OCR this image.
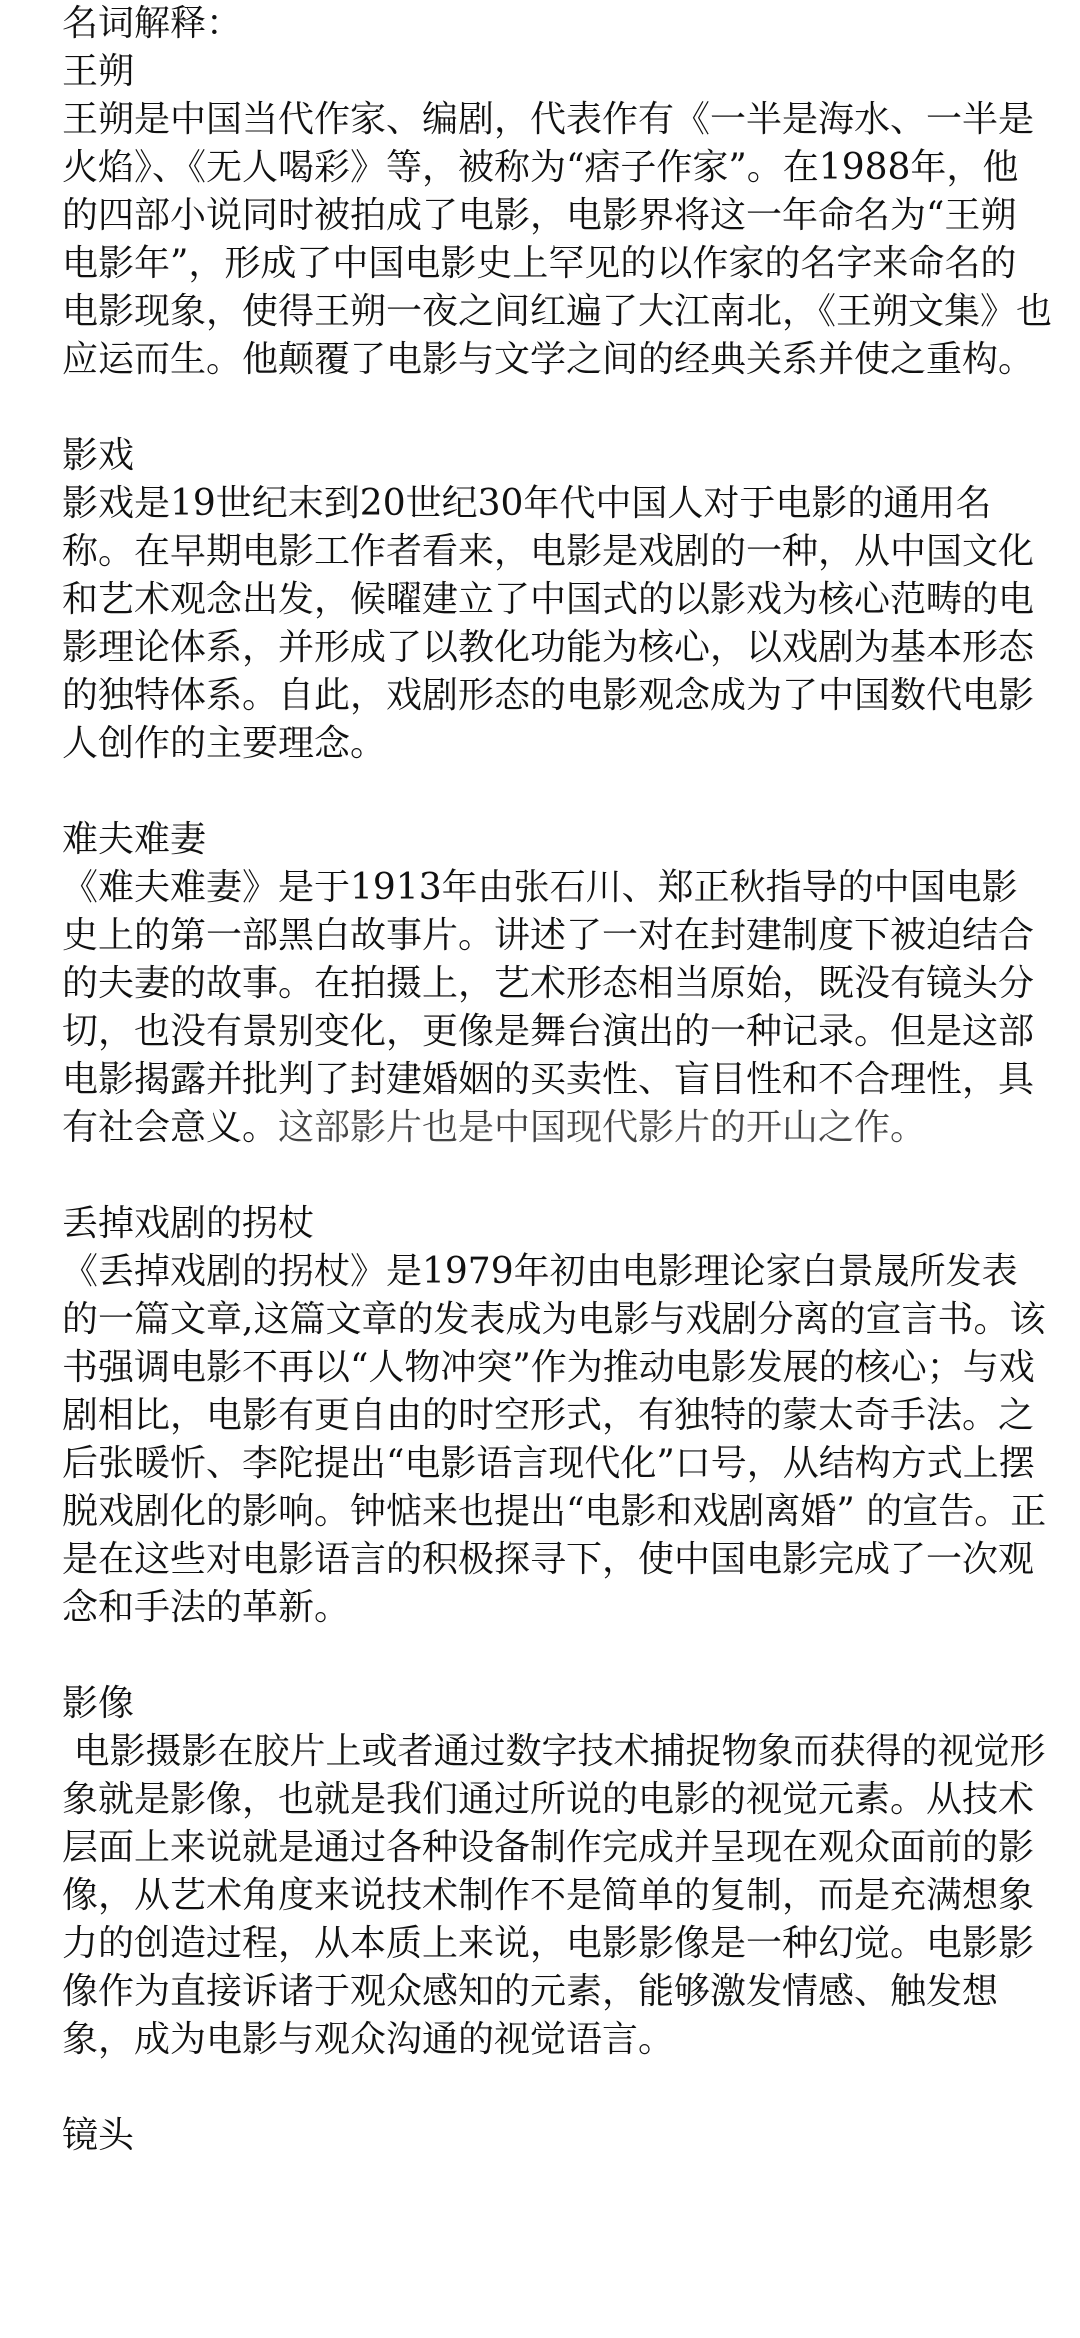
名词解释：
王朔
王朔是中国当代作家、编剧，代表作有《一半是海水、一半是火焰》、《无人喝彩》等，被称为“痞子作家”。在1988年，他的四部小说同时被拍成了电影，电影界将这一年命名为“王朔电影年”，形成了中国电影史上罕见的以作家的名字来命名的电影现象，使得王朔一夜之间红遍了大江南北，《王朔文集》也应运而生。他颠覆了电影与文学之间的经典关系并使之重构。
影戏
影戏是19世纪末到20世纪30年代中国人对于电影的通用名称。在早期电影工作者看来，电影是戏剧的一种，从中国文化和艺术观念出发，候曜建立了中国式的以影戏为核心范畴的电影理论体系，并形成了以教化功能为核心，以戏剧为基本形态的独特体系。自此，戏剧形态的电影观念成为了中国数代电影人创作的主要理念。
难夫难妻
《难夫难妻》是于1913年由张石川、郑正秋指导的中国电影史上的第一部黑白故事片。讲述了一对在封建制度下被迫结合的夫妻的故事。在拍摄上，艺术形态相当原始，既没有镜头分切，也没有景别变化，更像是舞台演出的一种记录。但是这部电影揭露并批判了封建婚姻的买卖性、盲目性和不合理性，具有社会意义。这部影片也是中国现代影片的开山之作。
丢掉戏剧的拐杖
《丢掉戏剧的拐杖》是1979年初由电影理论家白景晟所发表的一篇文章,这篇文章的发表成为电影与戏剧分离的宣言书。该书强调电影不再以“人物冲突”作为推动电影发展的核心；与戏剧相比，电影有更自由的时空形式，有独特的蒙太奇手法。之后张暖忻、李陀提出“电影语言现代化”口号，从结构方式上摆脱戏剧化的影响。钟惦来也提出“电影和戏剧离婚” 的宣告。正是在这些对电影语言的积极探寻下，使中国电影完成了一次观念和手法的革新。
影像
电影摄影在胶片上或者通过数字技术捕捉物象而获得的视觉形象就是影像，也就是我们通过所说的电影的视觉元素。从技术层面上来说就是通过各种设备制作完成并呈现在观众面前的影像，从艺术角度来说技术制作不是简单的复制，而是充满想象力的创造过程，从本质上来说，电影影像是一种幻觉。电影影像作为直接诉诸于观众感知的元素，能够激发情感、触发想象，成为电影与观众沟通的视觉语言。
镜头
